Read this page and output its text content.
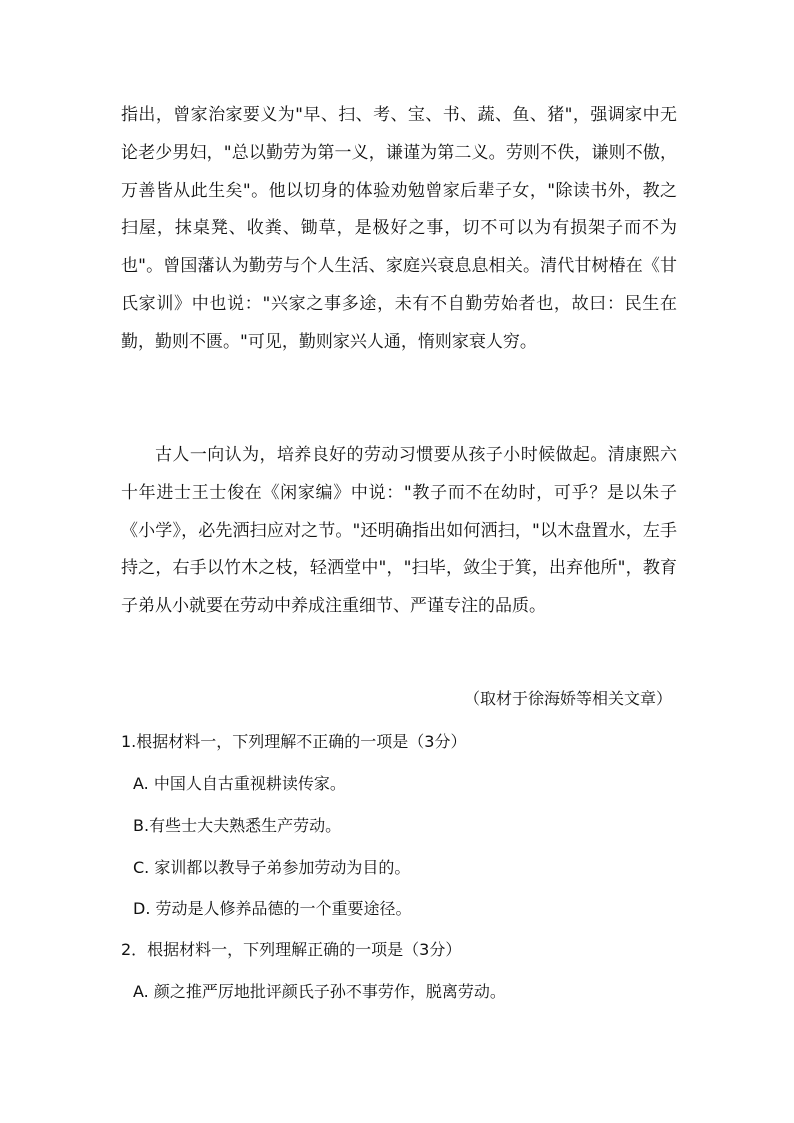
指出，曾家治家要义为"早、扫、考、宝、书、蔬、鱼、猪"，强调家中无论老少男妇，"总以勤劳为第一义，谦谨为第二义。劳则不佚，谦则不傲，万善皆从此生矣"。他以切身的体验劝勉曾家后辈子女，"除读书外，教之扫屋，抹桌凳、收粪、锄草，是极好之事，切不可以为有损架子而不为也"。曾国藩认为勤劳与个人生活、家庭兴衰息息相关。清代甘树椿在《甘氏家训》中也说："兴家之事多途，未有不自勤劳始者也，故曰：民生在勤，勤则不匮。"可见，勤则家兴人通，惰则家衰人穷。

古人一向认为，培养良好的劳动习惯要从孩子小时候做起。清康熙六十年进士王士俊在《闲家编》中说："教子而不在幼时，可乎？是以朱子《小学》，必先洒扫应对之节。"还明确指出如何洒扫，"以木盘置水，左手持之，右手以竹木之枝，轻洒堂中"，"扫毕，敛尘于箕，出弃他所"，教育子弟从小就要在劳动中养成注重细节、严谨专注的品质。

（取材于徐海娇等相关文章）

1.根据材料一，下列理解不正确的一项是（3分）

A. 中国人自古重视耕读传家。

B.有些士大夫熟悉生产劳动。

C. 家训都以教导子弟参加劳动为目的。

D. 劳动是人修养品德的一个重要途径。

2．根据材料一，下列理解正确的一项是（3分）

A. 颜之推严厉地批评颜氏子孙不事劳作，脱离劳动。
